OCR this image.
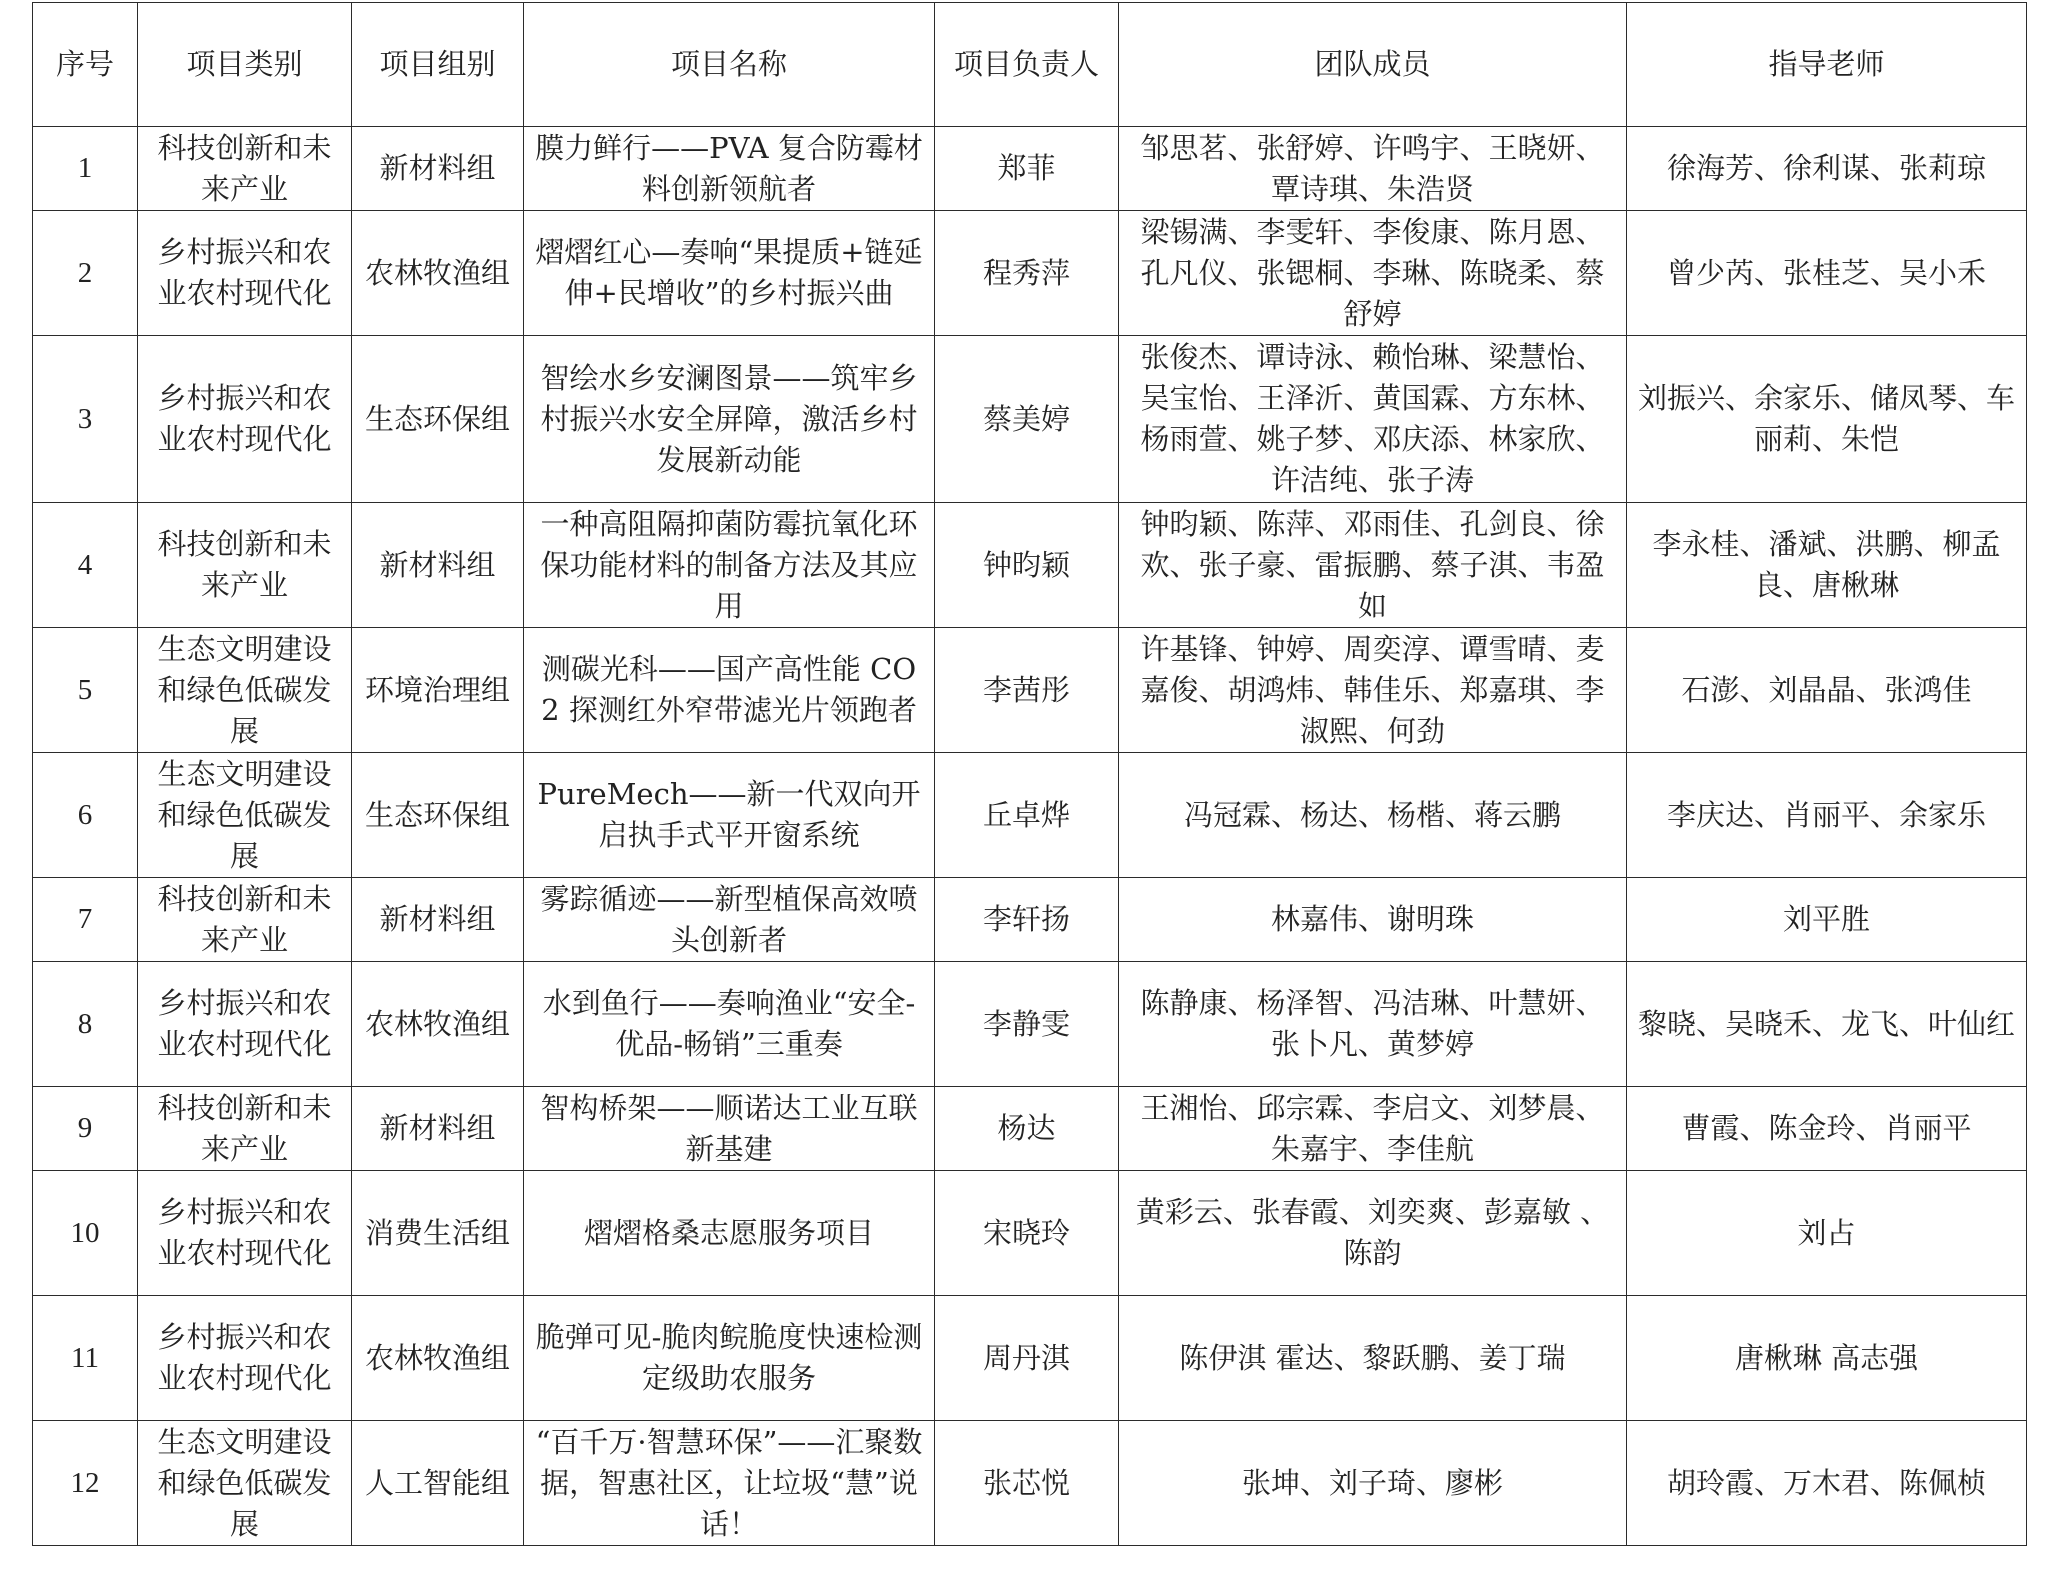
序号	项目类别	项目组别	项目名称	项目负责人	团队成员	指导老师
1	科技创新和未来产业	新材料组	膜力鲜行——PVA 复合防霉材料创新领航者	郑菲	邹思茗、张舒婷、许鸣宇、王晓妍、覃诗琪、朱浩贤	徐海芳、徐利谋、张莉琼
2	乡村振兴和农业农村现代化	农林牧渔组	熠熠红心—奏响“果提质+链延伸+民增收”的乡村振兴曲	程秀萍	梁锡满、李雯轩、李俊康、陈月恩、孔凡仪、张锶桐、李琳、陈晓柔、蔡舒婷	曾少芮、张桂芝、吴小禾
3	乡村振兴和农业农村现代化	生态环保组	智绘水乡安澜图景——筑牢乡村振兴水安全屏障，激活乡村发展新动能	蔡美婷	张俊杰、谭诗泳、赖怡琳、梁慧怡、吴宝怡、王泽沂、黄国霖、方东林、杨雨萱、姚子梦、邓庆添、林家欣、许洁纯、张子涛	刘振兴、余家乐、储凤琴、车丽莉、朱恺
4	科技创新和未来产业	新材料组	一种高阻隔抑菌防霉抗氧化环保功能材料的制备方法及其应用	钟昀颖	钟昀颖、陈萍、邓雨佳、孔剑良、徐欢、张子豪、雷振鹏、蔡子淇、韦盈如	李永桂、潘斌、洪鹏、柳孟良、唐楸琳
5	生态文明建设和绿色低碳发展	环境治理组	测碳光科——国产高性能 CO2 探测红外窄带滤光片领跑者	李茜彤	许基锋、钟婷、周奕淳、谭雪晴、麦嘉俊、胡鸿炜、韩佳乐、郑嘉琪、李淑熙、何劲	石澎、刘晶晶、张鸿佳
6	生态文明建设和绿色低碳发展	生态环保组	PureMech——新一代双向开启执手式平开窗系统	丘卓烨	冯冠霖、杨达、杨楷、蒋云鹏	李庆达、肖丽平、余家乐
7	科技创新和未来产业	新材料组	雾踪循迹——新型植保高效喷头创新者	李轩扬	林嘉伟、谢明珠	刘平胜
8	乡村振兴和农业农村现代化	农林牧渔组	水到鱼行——奏响渔业“安全-优品-畅销”三重奏	李静雯	陈静康、杨泽智、冯洁琳、叶慧妍、张卜凡、黄梦婷	黎晓、吴晓禾、龙飞、叶仙红
9	科技创新和未来产业	新材料组	智构桥架——顺诺达工业互联新基建	杨达	王湘怡、邱宗霖、李启文、刘梦晨、朱嘉宇、李佳航	曹霞、陈金玲、肖丽平
10	乡村振兴和农业农村现代化	消费生活组	熠熠格桑志愿服务项目	宋晓玲	黄彩云、张春霞、刘奕爽、彭嘉敏 、陈韵	刘占
11	乡村振兴和农业农村现代化	农林牧渔组	脆弹可见-脆肉鲩脆度快速检测定级助农服务	周丹淇	陈伊淇 霍达、黎跃鹏、姜丁瑞	唐楸琳 高志强
12	生态文明建设和绿色低碳发展	人工智能组	“百千万·智慧环保”——汇聚数据，智惠社区，让垃圾“慧”说话！	张芯悦	张坤、刘子琦、廖彬	胡玲霞、万木君、陈佩桢
